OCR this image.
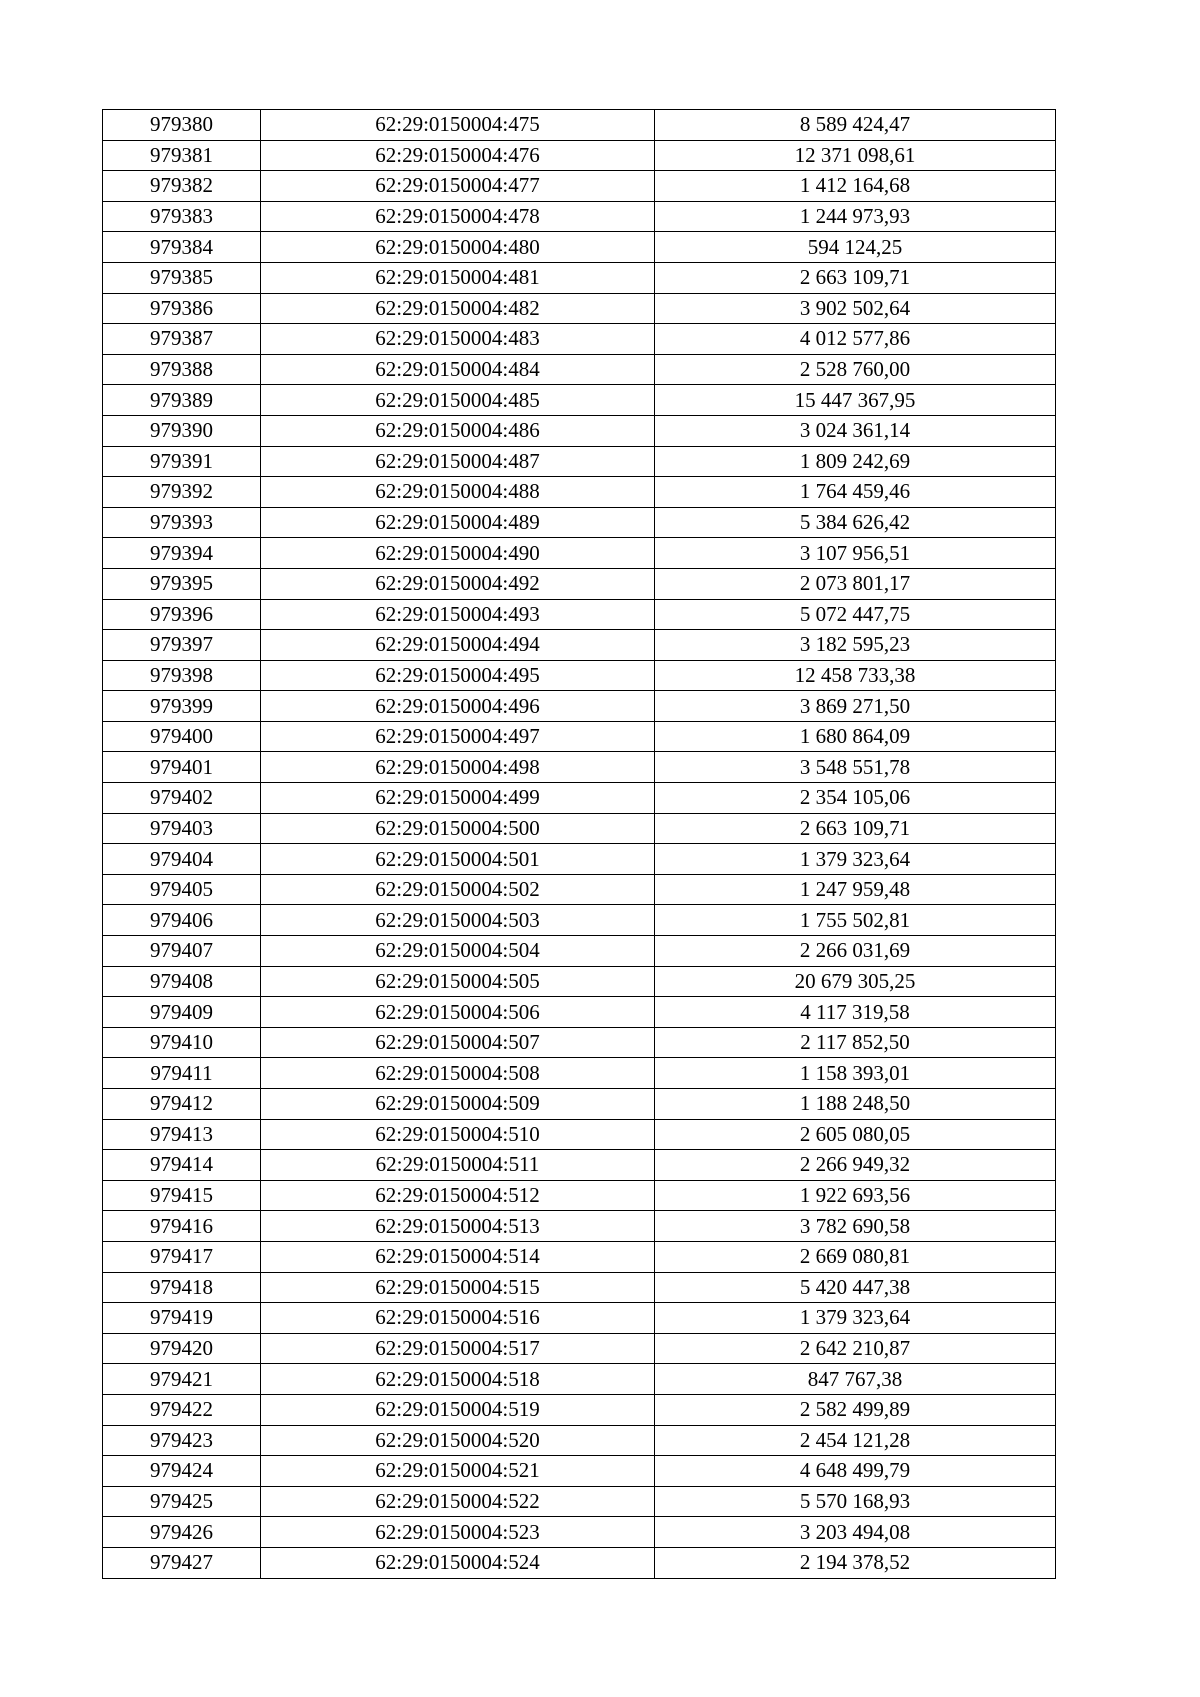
979380	62:29:0150004:475	8 589 424,47
979381	62:29:0150004:476	12 371 098,61
979382	62:29:0150004:477	1 412 164,68
979383	62:29:0150004:478	1 244 973,93
979384	62:29:0150004:480	594 124,25
979385	62:29:0150004:481	2 663 109,71
979386	62:29:0150004:482	3 902 502,64
979387	62:29:0150004:483	4 012 577,86
979388	62:29:0150004:484	2 528 760,00
979389	62:29:0150004:485	15 447 367,95
979390	62:29:0150004:486	3 024 361,14
979391	62:29:0150004:487	1 809 242,69
979392	62:29:0150004:488	1 764 459,46
979393	62:29:0150004:489	5 384 626,42
979394	62:29:0150004:490	3 107 956,51
979395	62:29:0150004:492	2 073 801,17
979396	62:29:0150004:493	5 072 447,75
979397	62:29:0150004:494	3 182 595,23
979398	62:29:0150004:495	12 458 733,38
979399	62:29:0150004:496	3 869 271,50
979400	62:29:0150004:497	1 680 864,09
979401	62:29:0150004:498	3 548 551,78
979402	62:29:0150004:499	2 354 105,06
979403	62:29:0150004:500	2 663 109,71
979404	62:29:0150004:501	1 379 323,64
979405	62:29:0150004:502	1 247 959,48
979406	62:29:0150004:503	1 755 502,81
979407	62:29:0150004:504	2 266 031,69
979408	62:29:0150004:505	20 679 305,25
979409	62:29:0150004:506	4 117 319,58
979410	62:29:0150004:507	2 117 852,50
979411	62:29:0150004:508	1 158 393,01
979412	62:29:0150004:509	1 188 248,50
979413	62:29:0150004:510	2 605 080,05
979414	62:29:0150004:511	2 266 949,32
979415	62:29:0150004:512	1 922 693,56
979416	62:29:0150004:513	3 782 690,58
979417	62:29:0150004:514	2 669 080,81
979418	62:29:0150004:515	5 420 447,38
979419	62:29:0150004:516	1 379 323,64
979420	62:29:0150004:517	2 642 210,87
979421	62:29:0150004:518	847 767,38
979422	62:29:0150004:519	2 582 499,89
979423	62:29:0150004:520	2 454 121,28
979424	62:29:0150004:521	4 648 499,79
979425	62:29:0150004:522	5 570 168,93
979426	62:29:0150004:523	3 203 494,08
979427	62:29:0150004:524	2 194 378,52
